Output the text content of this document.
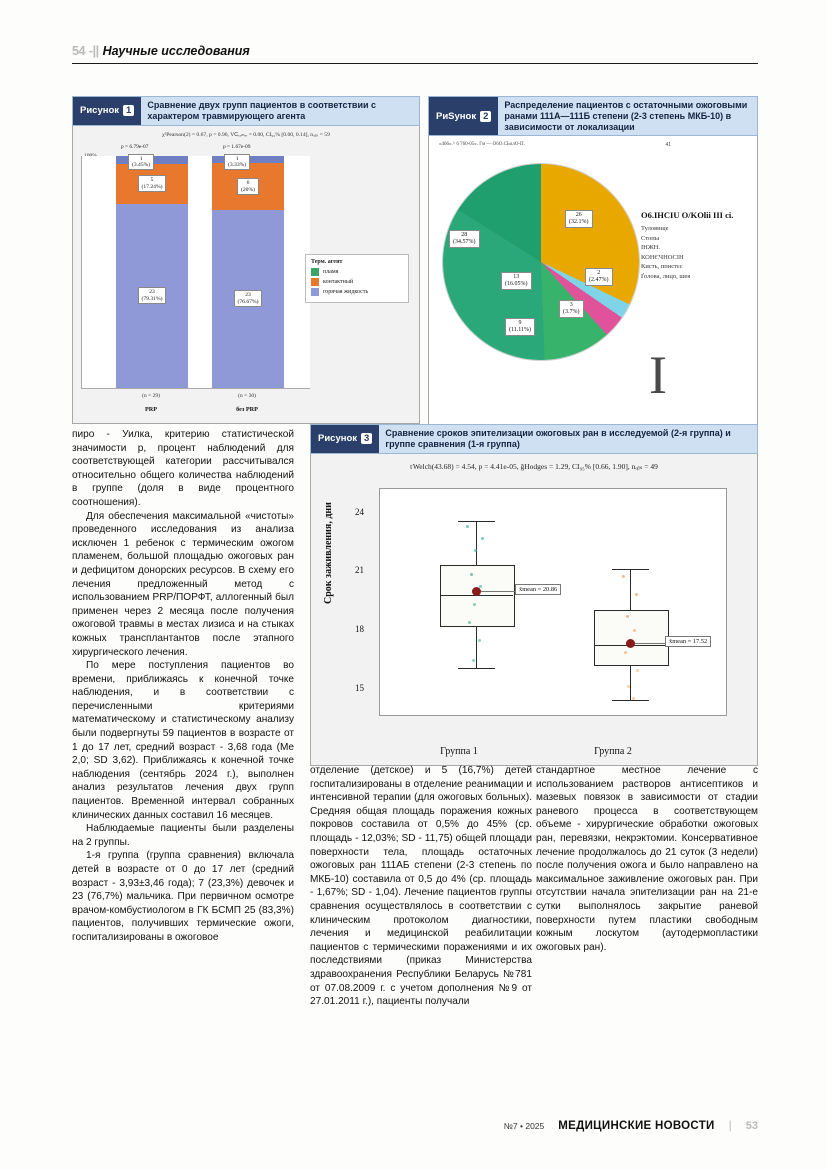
54 -|| Научные исследования
Рисунок 1
Сравнение двух групп пациентов в соответствии с характером травмирующего агента
χ²Pearson(2) = 0.67, p = 0.96, VᏟᵣₐₘₑᵣ = 0.00, CI₉₅% [0.00, 0.14], nₒᵦₛ = 59
p = 6.79e-07	p = 1.67e-09
5
(17.24%)
23
(79.31%)
1
(3.45%)
6
(20%)
23
(76.67%)
1
(3.33%)
(n = 29)	(n = 30)
PRP	без PRP
Терм. агент
пламя
контактный
горячая жидкость
РиSунок 2
Распределение пациентов с остаточными ожоговыми ранами 111А—111Б степени (2-3 степень МКБ-10) в зависимости от локализации
«466».^ 6 760-05». Гм — О6О.СЬолО-П.	41
26
(32.1%)
2
(2.47%)
3
(3.7%)
9
(11.11%)
13
(16.05%)
28
(34.57%)
O6.IHCIU O/KOlii III ci.
Туловище
Стопы
ІНЖН.
КОНЄЧНОСІН
Кисть, ппистєс
Ґолова, лицо, шея
I
Рисунок 3
Сравнение сроков эпителизации ожоговых ран в исследуемой (2-я группа) и группе сравнения (1-я группа)
t Welch(43.68) = 4.54, p = 4.41e-05, ĝHodges = 1.29, CI₉₅% [0.66, 1.90], nₒᵦₛ = 49
Срок заживления, дни 24
21
18
15
x̄mean = 20.86
x̄mean = 17.52
Группа 1	Группа 2

пиро - Уилка, критерию статистической значимости p, процент наблюдений для соответствующей категории рассчитывался относительно общего количества наблюдений в группе (доля в виде процентного соотношения).

Для обеспечения максимальной «чистоты» проведенного исследования из анализа исключен 1 ребенок с термическим ожогом пламенем, большой площадью ожоговых ран и дефицитом донорских ресурсов. В схему его лечения предложенный метод с использованием PRP/ПОРФТ, аллогенный был применен через 2 месяца после получения ожоговой травмы в местах лизиса и на стыках кожных трансплантантов после этапного хирургического лечения.

По мере поступления пациентов во времени, приближаясь к конечной точке наблюдения, и в соответствии с перечисленными критериями математическому и статистическому анализу были подвергнуты 59 пациентов в возрасте от 1 до 17 лет, средний возраст - 3,68 года (Me 2,0; SD 3,62). Приближаясь к конечной точке наблюдения (сентябрь 2024 г.), выполнен анализ результатов лечения двух групп пациентов. Временной интервал собранных клинических данных составил 16 месяцев.

Наблюдаемые пациенты были разделены на 2 группы.

1-я группа (группа сравнения) включала детей в возрасте от 0 до 17 лет (средний возраст - 3,93±3,46 года); 7 (23,3%) девочек и 23 (76,7%) мальчика. При первичном осмотре врачом-комбустиологом в ГК БСМП 25 (83,3%) пациентов, получивших термические ожоги, госпитализированы в ожоговое

отделение (детское) и 5 (16,7%) детей госпитализированы в отделение реанимации и интенсивной терапии (для ожоговых больных). Средняя общая площадь поражения кожных покровов составила от 0,5% до 45% (ср. площадь - 12,03%; SD - 11,75) общей площади поверхности тела, площадь остаточных ожоговых ран 111АБ степени (2-3 степень по МКБ-10) составила от 0,5 до 4% (ср. площадь - 1,67%; SD - 1,04). Лечение пациентов группы сравнения осуществлялось в соответствии с клиническим протоколом диагностики, лечения и медицинской реабилитации пациентов с термическими поражениями и их последствиями (приказ Министерства здравоохранения Республики Беларусь №781 от 07.08.2009 г. с учетом дополнения №9 от 27.01.2011 г.), пациенты получали

стандартное местное лечение с использованием растворов антисептиков и мазевых повязок в зависимости от стадии раневого процесса в соответствующем объеме - хирургические обработки ожоговых ран, перевязки, некрэктомии. Консервативное лечение продолжалось до 21 суток (3 недели) после получения ожога и было направлено на максимальное заживление ожоговых ран. При отсутствии начала эпителизации ран на 21-е сутки выполнялось закрытие раневой поверхности путем пластики свободным кожным лоскутом (аутодермопластики ожоговых ран).

№7 • 2025 МЕДИЦИНСКИЕ НОВОСТИ | 53
